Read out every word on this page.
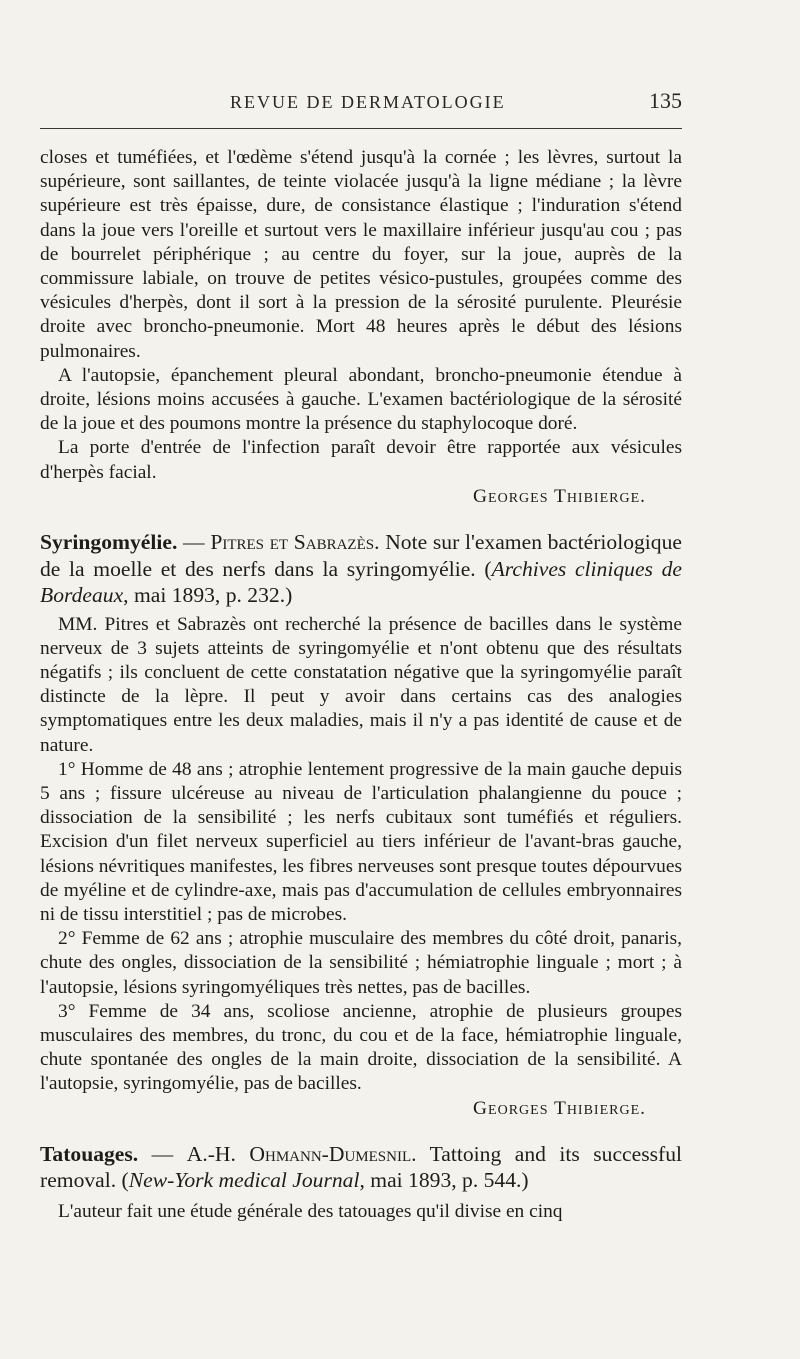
REVUE DE DERMATOLOGIE	135

closes et tuméfiées, et l'œdème s'étend jusqu'à la cornée ; les lèvres, surtout la supérieure, sont saillantes, de teinte violacée jusqu'à la ligne médiane ; la lèvre supérieure est très épaisse, dure, de consistance élastique ; l'induration s'étend dans la joue vers l'oreille et surtout vers le maxillaire inférieur jusqu'au cou ; pas de bourrelet périphérique ; au centre du foyer, sur la joue, auprès de la commissure labiale, on trouve de petites vésico-pustules, groupées comme des vésicules d'herpès, dont il sort à la pression de la sérosité purulente. Pleurésie droite avec broncho-pneumonie. Mort 48 heures après le début des lésions pulmonaires.

A l'autopsie, épanchement pleural abondant, broncho-pneumonie étendue à droite, lésions moins accusées à gauche. L'examen bactériologique de la sérosité de la joue et des poumons montre la présence du staphylocoque doré.

La porte d'entrée de l'infection paraît devoir être rapportée aux vésicules d'herpès facial.

Georges Thibierge.

Syringomyélie. — Pitres et Sabrazès. Note sur l'examen bactériologique de la moelle et des nerfs dans la syringomyélie. (Archives cliniques de Bordeaux, mai 1893, p. 232.)

MM. Pitres et Sabrazès ont recherché la présence de bacilles dans le système nerveux de 3 sujets atteints de syringomyélie et n'ont obtenu que des résultats négatifs ; ils concluent de cette constatation négative que la syringomyélie paraît distincte de la lèpre. Il peut y avoir dans certains cas des analogies symptomatiques entre les deux maladies, mais il n'y a pas identité de cause et de nature.

1° Homme de 48 ans ; atrophie lentement progressive de la main gauche depuis 5 ans ; fissure ulcéreuse au niveau de l'articulation phalangienne du pouce ; dissociation de la sensibilité ; les nerfs cubitaux sont tuméfiés et réguliers. Excision d'un filet nerveux superficiel au tiers inférieur de l'avant-bras gauche, lésions névritiques manifestes, les fibres nerveuses sont presque toutes dépourvues de myéline et de cylindre-axe, mais pas d'accumulation de cellules embryonnaires ni de tissu interstitiel ; pas de microbes.

2° Femme de 62 ans ; atrophie musculaire des membres du côté droit, panaris, chute des ongles, dissociation de la sensibilité ; hémiatrophie linguale ; mort ; à l'autopsie, lésions syringomyéliques très nettes, pas de bacilles.

3° Femme de 34 ans, scoliose ancienne, atrophie de plusieurs groupes musculaires des membres, du tronc, du cou et de la face, hémiatrophie linguale, chute spontanée des ongles de la main droite, dissociation de la sensibilité. A l'autopsie, syringomyélie, pas de bacilles.

Georges Thibierge.

Tatouages. — A.-H. Ohmann-Dumesnil. Tattoing and its successful removal. (New-York medical Journal, mai 1893, p. 544.)

L'auteur fait une étude générale des tatouages qu'il divise en cinq
